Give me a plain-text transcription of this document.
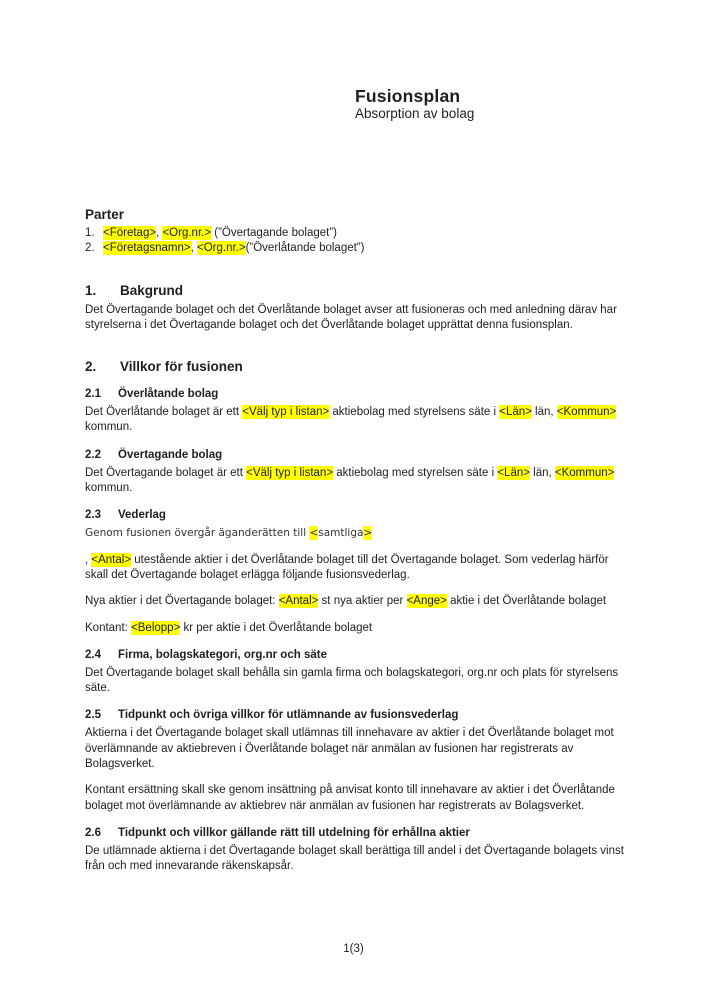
Fusionsplan
Absorption av bolag
Parter
1. <Företag>, <Org.nr.> (”Övertagande bolaget”)
2. <Företagsnamn>, <Org.nr.>(”Överlåtande bolaget”)
1. Bakgrund
Det Övertagande bolaget och det Överlåtande bolaget avser att fusioneras och med anledning därav har styrelserna i det Övertagande bolaget och det Överlåtande bolaget upprättat denna fusionsplan.
2. Villkor för fusionen
2.1 Överlåtande bolag
Det Överlåtande bolaget är ett <Välj typ i listan> aktiebolag med styrelsens säte i <Län> län, <Kommun> kommun.
2.2 Övertagande bolag
Det Övertagande bolaget är ett <Välj typ i listan> aktiebolag med styrelsen säte i <Län> län, <Kommun> kommun.
2.3 Vederlag
Genom fusionen övergår äganderätten till <samtliga>
, <Antal> utestående aktier i det Överlåtande bolaget till det Övertagande bolaget. Som vederlag härför skall det Övertagande bolaget erlägga följande fusionsvederlag.
Nya aktier i det Övertagande bolaget: <Antal> st nya aktier per <Ange> aktie i det Överlåtande bolaget
Kontant: <Belopp> kr per aktie i det Överlåtande bolaget
2.4 Firma, bolagskategori, org.nr och säte
Det Övertagande bolaget skall behålla sin gamla firma och bolagskategori, org.nr och plats för styrelsens säte.
2.5 Tidpunkt och övriga villkor för utlämnande av fusionsvederlag
Aktierna i det Övertagande bolaget skall utlämnas till innehavare av aktier i det Överlåtande bolaget mot överlämnande av aktiebreven i Överlåtande bolaget när anmälan av fusionen har registrerats av Bolagsverket.
Kontant ersättning skall ske genom insättning på anvisat konto till innehavare av aktier i det Överlåtande bolaget mot överlämnande av aktiebrev när anmälan av fusionen har registrerats av Bolagsverket.
2.6 Tidpunkt och villkor gällande rätt till utdelning för erhållna aktier
De utlämnade aktierna i det Övertagande bolaget skall berättiga till andel i det Övertagande bolagets vinst från och med innevarande räkenskapsår.
1(3)
